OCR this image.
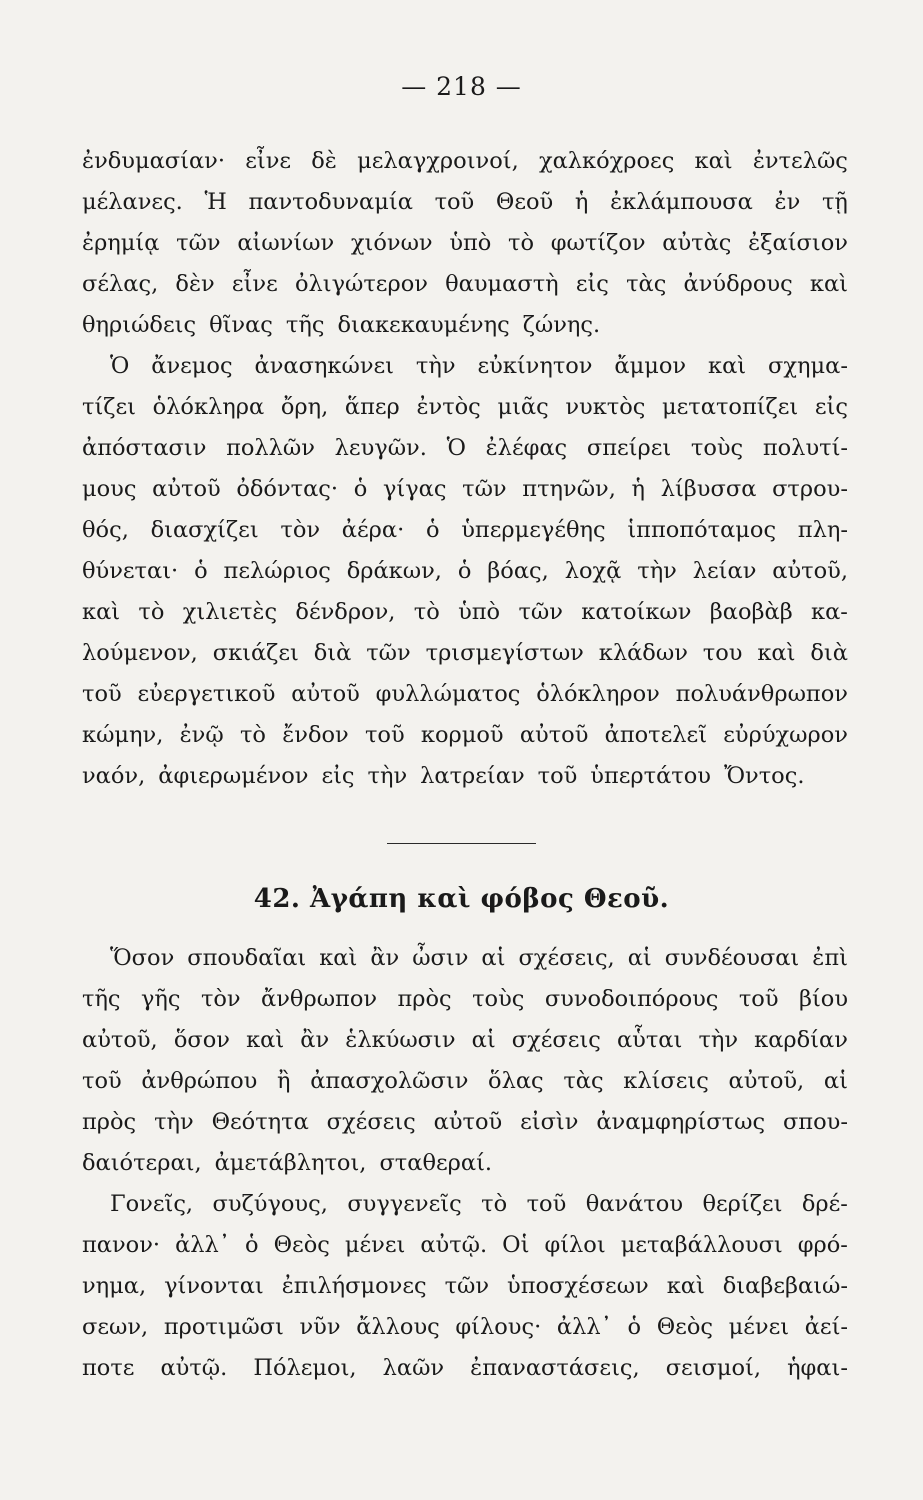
— 218 —
ἐνδυμασίαν· εἶνε δὲ μελαγχροινοί, χαλκόχροες καὶ ἐντελῶς
μέλανες. Ἡ παντοδυναμία τοῦ Θεοῦ ἡ ἐκλάμπουσα ἐν τῇ
ἐρημίᾳ τῶν αἰωνίων χιόνων ὑπὸ τὸ φωτίζον αὐτὰς ἐξαίσιον
σέλας, δὲν εἶνε ὀλιγώτερον θαυμαστὴ εἰς τὰς ἀνύδρους καὶ
θηριώδεις θῖνας τῆς διακεκαυμένης ζώνης.
Ὁ ἄνεμος ἀνασηκώνει τὴν εὐκίνητον ἄμμον καὶ σχημα-
τίζει ὁλόκληρα ὄρη, ἅπερ ἐντὸς μιᾶς νυκτὸς μετατοπίζει εἰς
ἀπόστασιν πολλῶν λευγῶν. Ὁ ἐλέφας σπείρει τοὺς πολυτί-
μους αὐτοῦ ὀδόντας· ὁ γίγας τῶν πτηνῶν, ἡ λίβυσσα στρου-
θός, διασχίζει τὸν ἀέρα· ὁ ὑπερμεγέθης ἱπποπόταμος πλη-
θύνεται· ὁ πελώριος δράκων, ὁ βόας, λοχᾷ τὴν λείαν αὐτοῦ,
καὶ τὸ χιλιετὲς δένδρον, τὸ ὑπὸ τῶν κατοίκων βαοβὰβ κα-
λούμενον, σκιάζει διὰ τῶν τρισμεγίστων κλάδων του καὶ διὰ
τοῦ εὐεργετικοῦ αὐτοῦ φυλλώματος ὁλόκληρον πολυάνθρωπον
κώμην, ἐνῷ τὸ ἔνδον τοῦ κορμοῦ αὐτοῦ ἀποτελεῖ εὐρύχωρον
ναόν, ἀφιερωμένον εἰς τὴν λατρείαν τοῦ ὑπερτάτου Ὄντος.
42. Ἀγάπη καὶ φόβος Θεοῦ.
Ὅσον σπουδαῖαι καὶ ἂν ὦσιν αἱ σχέσεις, αἱ συνδέουσαι ἐπὶ
τῆς γῆς τὸν ἄνθρωπον πρὸς τοὺς συνοδοιπόρους τοῦ βίου
αὐτοῦ, ὅσον καὶ ἂν ἑλκύωσιν αἱ σχέσεις αὗται τὴν καρδίαν
τοῦ ἀνθρώπου ἢ ἀπασχολῶσιν ὅλας τὰς κλίσεις αὐτοῦ, αἱ
πρὸς τὴν Θεότητα σχέσεις αὐτοῦ εἰσὶν ἀναμφηρίστως σπου-
δαιότεραι, ἀμετάβλητοι, σταθεραί.
Γονεῖς, συζύγους, συγγενεῖς τὸ τοῦ θανάτου θερίζει δρέ-
πανον· ἀλλ᾽ ὁ Θεὸς μένει αὐτῷ. Οἱ φίλοι μεταβάλλουσι φρό-
νημα, γίνονται ἐπιλήσμονες τῶν ὑποσχέσεων καὶ διαβεβαιώ-
σεων, προτιμῶσι νῦν ἄλλους φίλους· ἀλλ᾽ ὁ Θεὸς μένει ἀεί-
ποτε αὐτῷ. Πόλεμοι, λαῶν ἐπαναστάσεις, σεισμοί, ἡφαι-
